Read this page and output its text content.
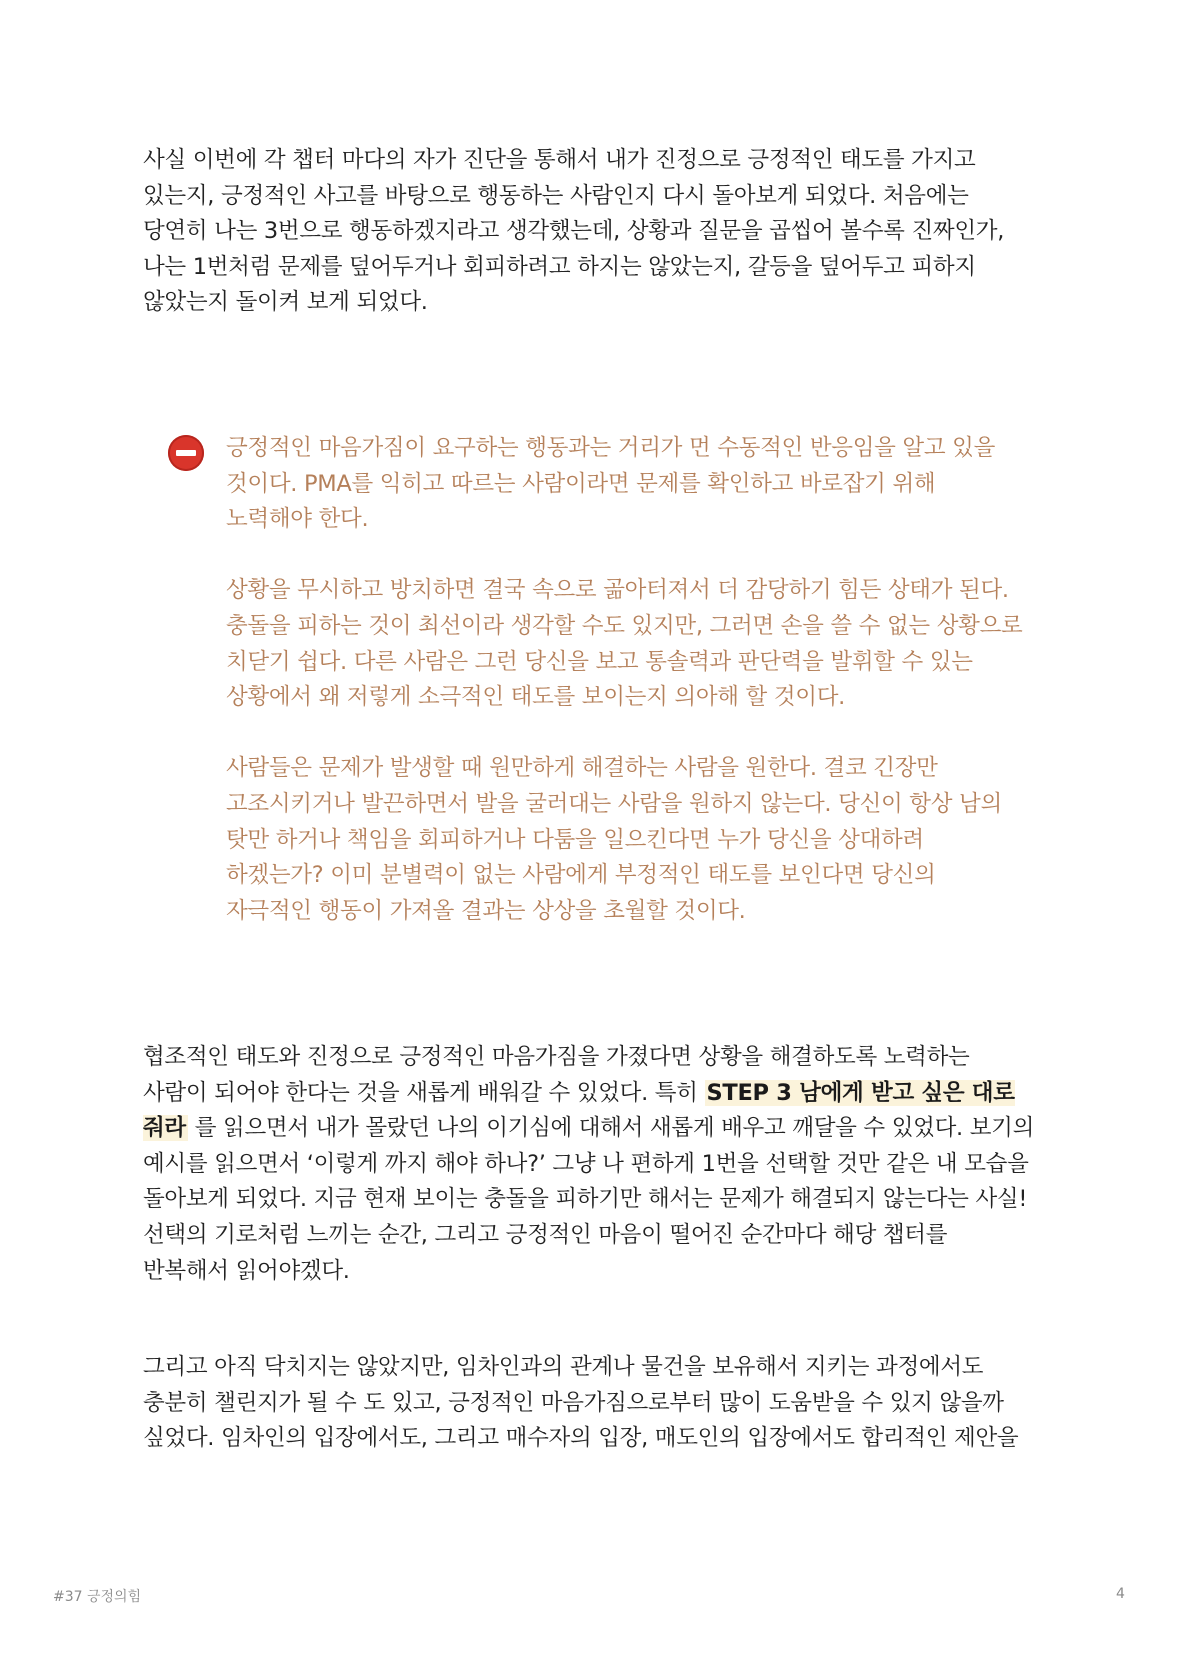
사실 이번에 각 챕터 마다의 자가 진단을 통해서 내가 진정으로 긍정적인 태도를 가지고 있는지, 긍정적인 사고를 바탕으로 행동하는 사람인지 다시 돌아보게 되었다. 처음에는 당연히 나는 3번으로 행동하겠지라고 생각했는데, 상황과 질문을 곱씹어 볼수록 진짜인가, 나는 1번처럼 문제를 덮어두거나 회피하려고 하지는 않았는지, 갈등을 덮어두고 피하지 않았는지 돌이켜 보게 되었다.

긍정적인 마음가짐이 요구하는 행동과는 거리가 먼 수동적인 반응임을 알고 있을 것이다. PMA를 익히고 따르는 사람이라면 문제를 확인하고 바로잡기 위해 노력해야 한다.

상황을 무시하고 방치하면 결국 속으로 곪아터져서 더 감당하기 힘든 상태가 된다. 충돌을 피하는 것이 최선이라 생각할 수도 있지만, 그러면 손을 쓸 수 없는 상황으로 치닫기 쉽다. 다른 사람은 그런 당신을 보고 통솔력과 판단력을 발휘할 수 있는 상황에서 왜 저렇게 소극적인 태도를 보이는지 의아해 할 것이다.

사람들은 문제가 발생할 때 원만하게 해결하는 사람을 원한다. 결코 긴장만 고조시키거나 발끈하면서 발을 굴러대는 사람을 원하지 않는다. 당신이 항상 남의 탓만 하거나 책임을 회피하거나 다툼을 일으킨다면 누가 당신을 상대하려 하겠는가? 이미 분별력이 없는 사람에게 부정적인 태도를 보인다면 당신의 자극적인 행동이 가져올 결과는 상상을 초월할 것이다.

협조적인 태도와 진정으로 긍정적인 마음가짐을 가졌다면 상황을 해결하도록 노력하는 사람이 되어야 한다는 것을 새롭게 배워갈 수 있었다. 특히 STEP 3 남에게 받고 싶은 대로 줘라 를 읽으면서 내가 몰랐던 나의 이기심에 대해서 새롭게 배우고 깨달을 수 있었다. 보기의 예시를 읽으면서 ‘이렇게 까지 해야 하나?’ 그냥 나 편하게 1번을 선택할 것만 같은 내 모습을 돌아보게 되었다. 지금 현재 보이는 충돌을 피하기만 해서는 문제가 해결되지 않는다는 사실! 선택의 기로처럼 느끼는 순간, 그리고 긍정적인 마음이 떨어진 순간마다 해당 챕터를 반복해서 읽어야겠다.

그리고 아직 닥치지는 않았지만, 임차인과의 관계나 물건을 보유해서 지키는 과정에서도 충분히 챌린지가 될 수 도 있고, 긍정적인 마음가짐으로부터 많이 도움받을 수 있지 않을까 싶었다. 임차인의 입장에서도, 그리고 매수자의 입장, 매도인의 입장에서도 합리적인 제안을

#37 긍정의힘	4
